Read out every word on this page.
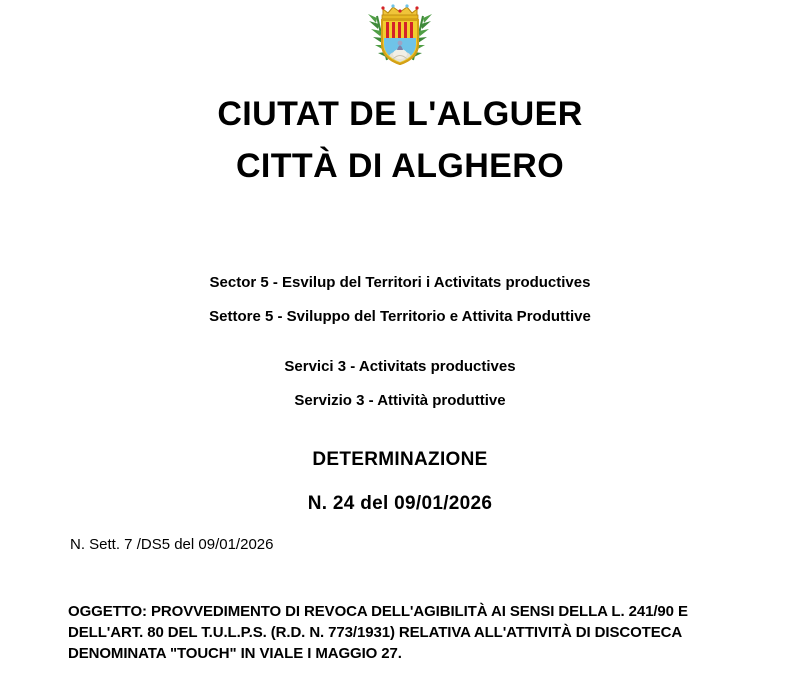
CIUTAT DE L'ALGUER
CITTÀ DI ALGHERO
Sector 5 - Esvilup del Territori i Activitats productives
Settore 5 - Sviluppo del Territorio e Attivita Produttive
Servici 3 - Activitats productives
Servizio 3 - Attività produttive
DETERMINAZIONE
N. 24 del 09/01/2026
N. Sett. 7 /DS5 del 09/01/2026
OGGETTO: PROVVEDIMENTO DI REVOCA DELL'AGIBILITÀ AI SENSI DELLA L. 241/90 E
DELL'ART. 80 DEL T.U.L.P.S. (R.D. N. 773/1931) RELATIVA ALL'ATTIVITÀ DI DISCOTECA
DENOMINATA "TOUCH" IN VIALE I MAGGIO 27.
